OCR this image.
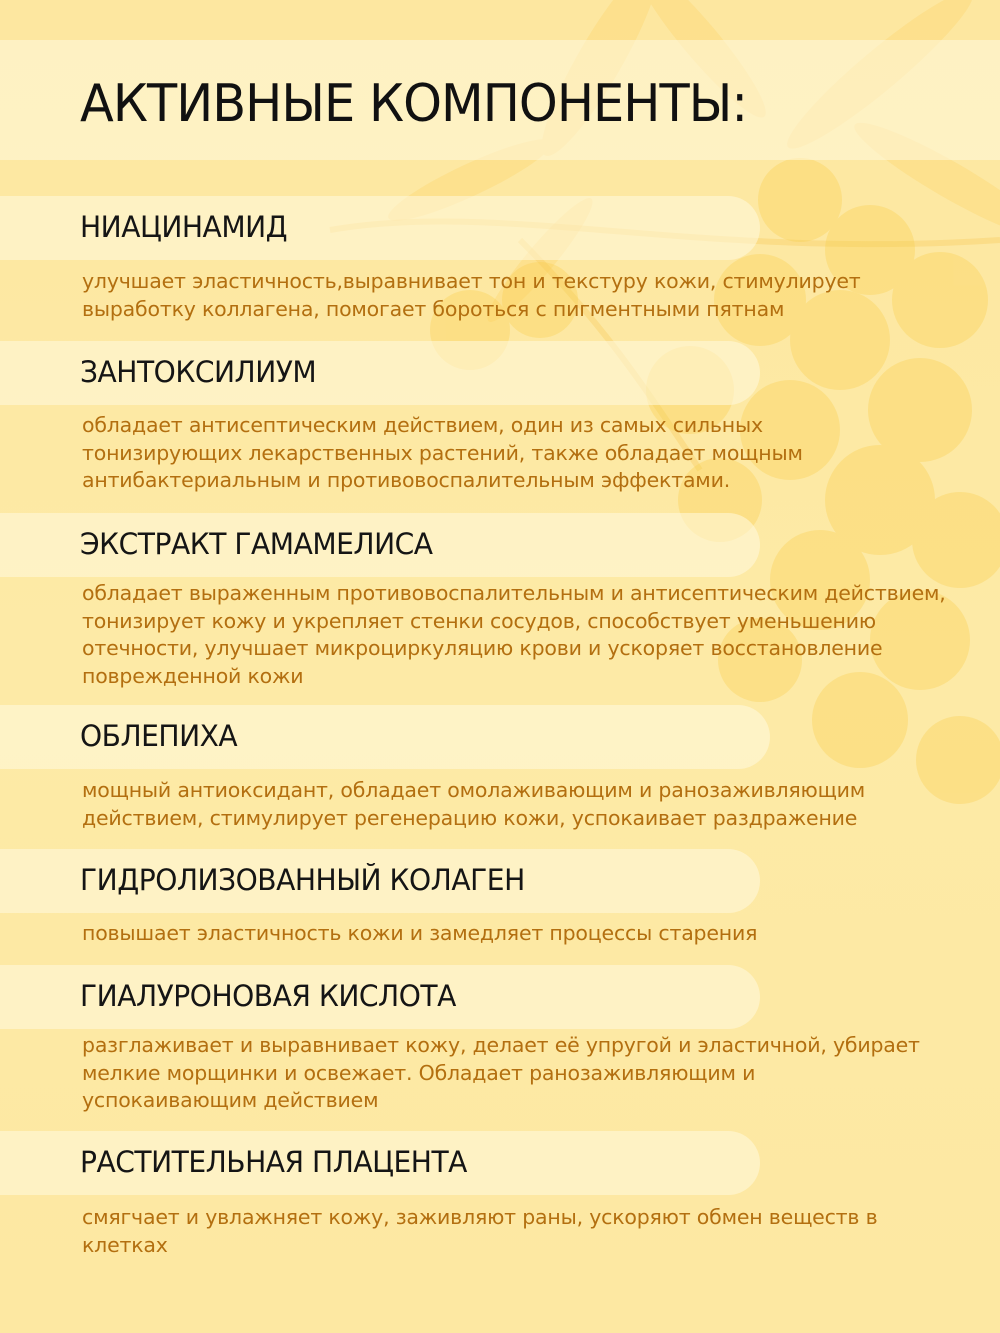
АКТИВНЫЕ КОМПОНЕНТЫ:
НИАЦИНАМИД

улучшает эластичность,выравнивает тон и текстуру кожи, стимулирует выработку коллагена, помогает бороться с пигментными пятнам

ЗАНТОКСИЛИУМ

обладает антисептическим действием, один из самых сильных тонизирующих лекарственных растений, также обладает мощным антибактериальным и противовоспалительным эффектами.

ЭКСТРАКТ ГАМАМЕЛИСА

обладает выраженным противовоспалительным и антисептическим действием, тонизирует кожу и укрепляет стенки сосудов, способствует уменьшению отечности, улучшает микроциркуляцию крови и ускоряет восстановление поврежденной кожи

ОБЛЕПИХА

мощный антиоксидант, обладает омолаживающим и ранозаживляющим действием, стимулирует регенерацию кожи, успокаивает раздражение

ГИДРОЛИЗОВАННЫЙ КОЛАГЕН

повышает эластичность кожи и замедляет процессы старения

ГИАЛУРОНОВАЯ КИСЛОТА

разглаживает и выравнивает кожу, делает её упругой и эластичной, убирает мелкие морщинки и освежает. Обладает ранозаживляющим и успокаивающим действием

РАСТИТЕЛЬНАЯ ПЛАЦЕНТА

смягчает и увлажняет кожу, заживляют раны, ускоряют обмен веществ в клетках
